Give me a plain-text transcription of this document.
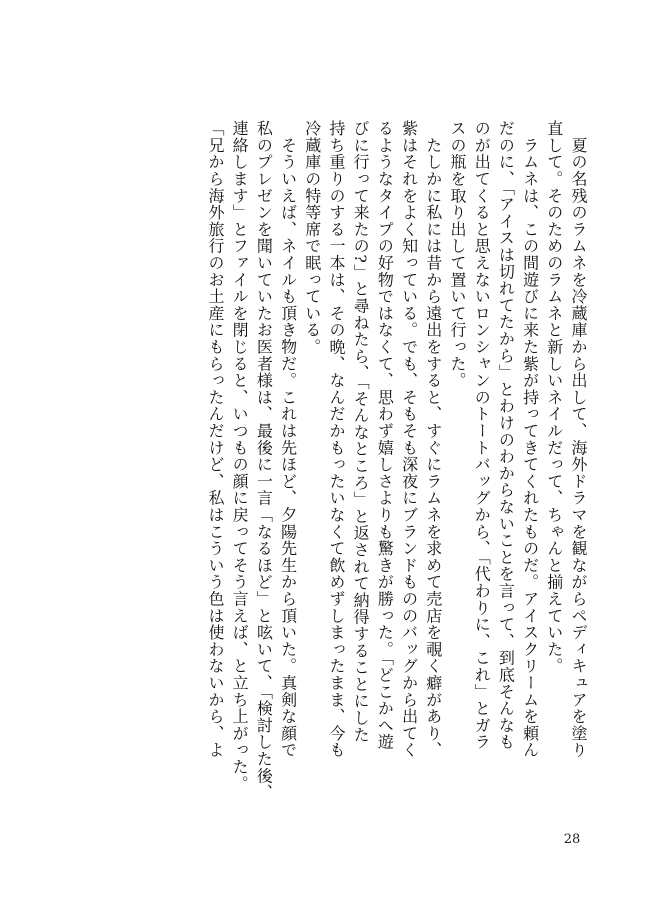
　夏の名残のラムネを冷蔵庫から出して、海外ドラマを観ながらペディキュアを塗り
直して。そのためのラムネと新しいネイルだって、ちゃんと揃えていた。
　ラムネは、この間遊びに来た紫が持ってきてくれたものだ。アイスクリームを頼ん
だのに、「アイスは切れてたから」とわけのわからないことを言って、到底そんなも
のが出てくると思えないロンシャンのトートバッグから、「代わりに、これ」とガラ
スの瓶を取り出して置いて行った。
　たしかに私には昔から遠出をすると、すぐにラムネを求めて売店を覗く癖があり、
紫はそれをよく知っている。でも、そもそも深夜にブランドもののバッグから出てく
るようなタイプの好物ではなくて、思わず嬉しさよりも驚きが勝った。「どこかへ遊
びに行って来たの?」と尋ねたら、「そんなところ」と返されて納得することにした
持ち重りのする一本は、その晩、なんだかもったいなくて飲めずしまったまま、今も
冷蔵庫の特等席で眠っている。
　そういえば、ネイルも頂き物だ。これは先ほど、夕陽先生から頂いた。真剣な顔で
私のプレゼンを聞いていたお医者様は、最後に一言「なるほど」と呟いて、「検討した後、
連絡します」とファイルを閉じると、いつもの顔に戻ってそう言えば、と立ち上がった。
「兄から海外旅行のお土産にもらったんだけど、私はこういう色は使わないから、よ
28
